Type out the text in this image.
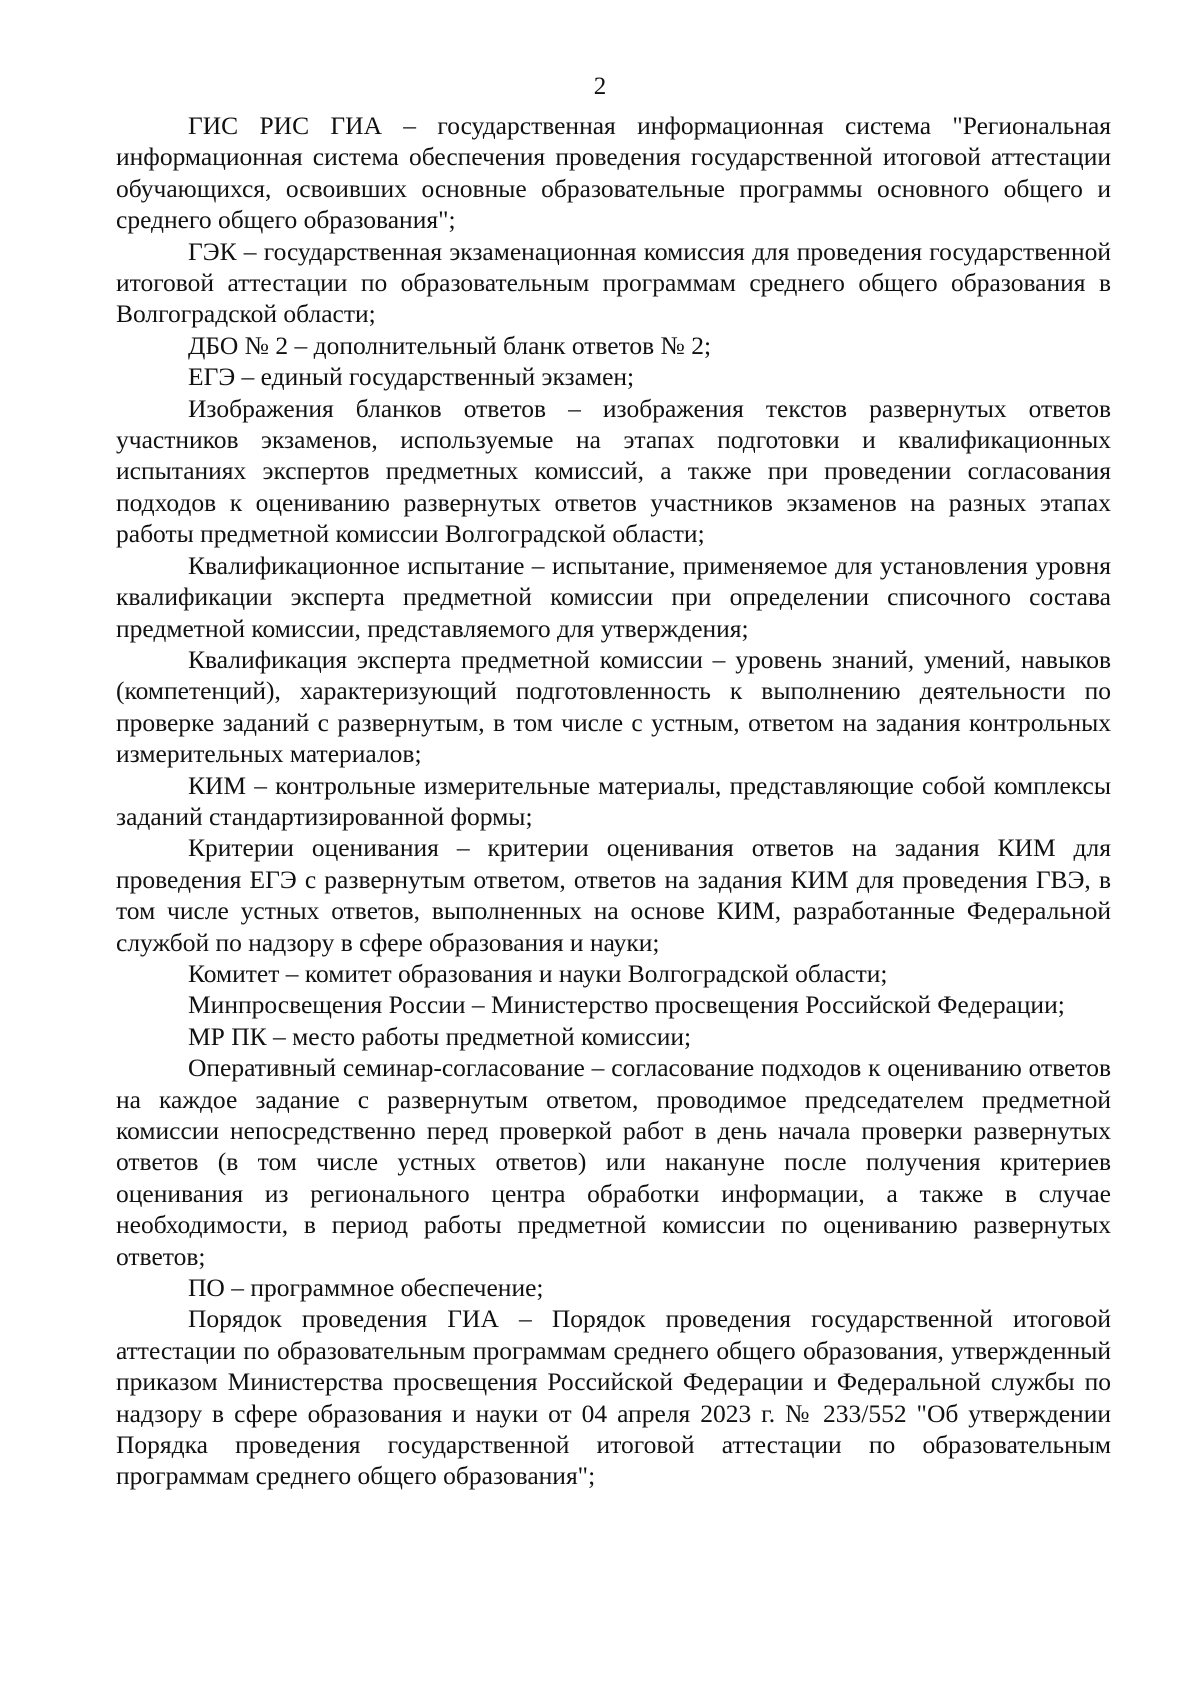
2

ГИС РИС ГИА – государственная информационная система "Региональная информационная система обеспечения проведения государственной итоговой аттестации обучающихся, освоивших основные образовательные программы основного общего и среднего общего образования";

ГЭК – государственная экзаменационная комиссия для проведения государственной итоговой аттестации по образовательным программам среднего общего образования в Волгоградской области;

ДБО № 2 – дополнительный бланк ответов № 2;

ЕГЭ – единый государственный экзамен;

Изображения бланков ответов – изображения текстов развернутых ответов участников экзаменов, используемые на этапах подготовки и квалификационных испытаниях экспертов предметных комиссий, а также при проведении согласования подходов к оцениванию развернутых ответов участников экзаменов на разных этапах работы предметной комиссии Волгоградской области;

Квалификационное испытание – испытание, применяемое для установления уровня квалификации эксперта предметной комиссии при определении списочного состава предметной комиссии, представляемого для утверждения;

Квалификация эксперта предметной комиссии – уровень знаний, умений, навыков (компетенций), характеризующий подготовленность к выполнению деятельности по проверке заданий с развернутым, в том числе с устным, ответом на задания контрольных измерительных материалов;

КИМ – контрольные измерительные материалы, представляющие собой комплексы заданий стандартизированной формы;

Критерии оценивания – критерии оценивания ответов на задания КИМ для проведения ЕГЭ с развернутым ответом, ответов на задания КИМ для проведения ГВЭ, в том числе устных ответов, выполненных на основе КИМ, разработанные Федеральной службой по надзору в сфере образования и науки;

Комитет – комитет образования и науки Волгоградской области;

Минпросвещения России – Министерство просвещения Российской Федерации;

МР ПК – место работы предметной комиссии;

Оперативный семинар-согласование – согласование подходов к оцениванию ответов на каждое задание с развернутым ответом, проводимое председателем предметной комиссии непосредственно перед проверкой работ в день начала проверки развернутых ответов (в том числе устных ответов) или накануне после получения критериев оценивания из регионального центра обработки информации, а также в случае необходимости, в период работы предметной комиссии по оцениванию развернутых ответов;

ПО – программное обеспечение;

Порядок проведения ГИА – Порядок проведения государственной итоговой аттестации по образовательным программам среднего общего образования, утвержденный приказом Министерства просвещения Российской Федерации и Федеральной службы по надзору в сфере образования и науки от 04 апреля 2023 г. № 233/552 "Об утверждении Порядка проведения государственной итоговой аттестации по образовательным программам среднего общего образования";
